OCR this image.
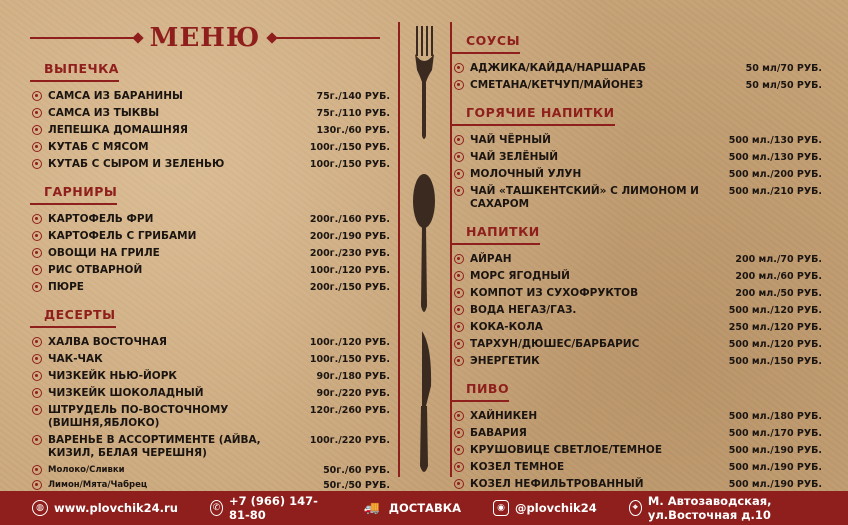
МЕНЮ
ВЫПЕЧКА

САМСА ИЗ БАРАНИНЫ	75г./140 РУБ.
САМСА ИЗ ТЫКВЫ	75г./110 РУБ.
ЛЕПЕШКА ДОМАШНЯЯ	130г./60 РУБ.
КУТАБ С МЯСОМ	100г./150 РУБ.
КУТАБ С СЫРОМ И ЗЕЛЕНЬЮ	100г./150 РУБ.
ГАРНИРЫ

КАРТОФЕЛЬ ФРИ	200г./160 РУБ.
КАРТОФЕЛЬ С ГРИБАМИ	200г./190 РУБ.
ОВОЩИ НА ГРИЛЕ	200г./230 РУБ.
РИС ОТВАРНОЙ	100г./120 РУБ.
ПЮРЕ	200г./150 РУБ.
ДЕСЕРТЫ

ХАЛВА ВОСТОЧНАЯ	100г./120 РУБ.
ЧАК-ЧАК	100г./150 РУБ.
ЧИЗКЕЙК НЬЮ-ЙОРК	90г./180 РУБ.
ЧИЗКЕЙК ШОКОЛАДНЫЙ	90г./220 РУБ.
ШТРУДЕЛЬ ПО-ВОСТОЧНОМУ (ВИШНЯ,ЯБЛОКО)
120г./260 РУБ.
ВАРЕНЬЕ В АССОРТИМЕНТЕ (АЙВА, КИЗИЛ, БЕЛАЯ ЧЕРЕШНЯ)
100г./220 РУБ.
Молоко/Сливки	50г./60 РУБ.
Лимон/Мята/Чабрец	50г./50 РУБ.
СОУСЫ

АДЖИКА/КАЙДА/НАРШАРАБ	50 мл/70 РУБ.
СМЕТАНА/КЕТЧУП/МАЙОНЕЗ	50 мл/50 РУБ.
ГОРЯЧИЕ НАПИТКИ

ЧАЙ ЧЁРНЫЙ	500 мл./130 РУБ.
ЧАЙ ЗЕЛЁНЫЙ	500 мл./130 РУБ.
МОЛОЧНЫЙ УЛУН	500 мл./200 РУБ.
ЧАЙ «ТАШКЕНТСКИЙ» С ЛИМОНОМ И САХАРОМ
500 мл./210 РУБ.
НАПИТКИ

АЙРАН	200 мл./70 РУБ.
МОРС ЯГОДНЫЙ	200 мл./60 РУБ.
КОМПОТ ИЗ СУХОФРУКТОВ	200 мл./50 РУБ.
ВОДА НЕГАЗ/ГАЗ.	500 мл./120 РУБ.
КОКА-КОЛА	250 мл./120 РУБ.
ТАРХУН/ДЮШЕС/БАРБАРИС	500 мл./120 РУБ.
ЭНЕРГЕТИК	500 мл./150 РУБ.
ПИВО

ХАЙНИКЕН	500 мл./180 РУБ.
БАВАРИЯ	500 мл./170 РУБ.
КРУШОВИЦЕ СВЕТЛОЕ/ТЕМНОЕ	500 мл./190 РУБ.
КОЗЕЛ ТЕМНОЕ	500 мл./190 РУБ.
КОЗЕЛ НЕФИЛЬТРОВАННЫЙ	500 мл./190 РУБ.
◍ www.plovchik24.ru	✆ +7 (966) 147-81-80	🚚 ДОСТАВКА	◉ @plovchik24	⌖ М. Автозаводская, ул.Восточная д.10
